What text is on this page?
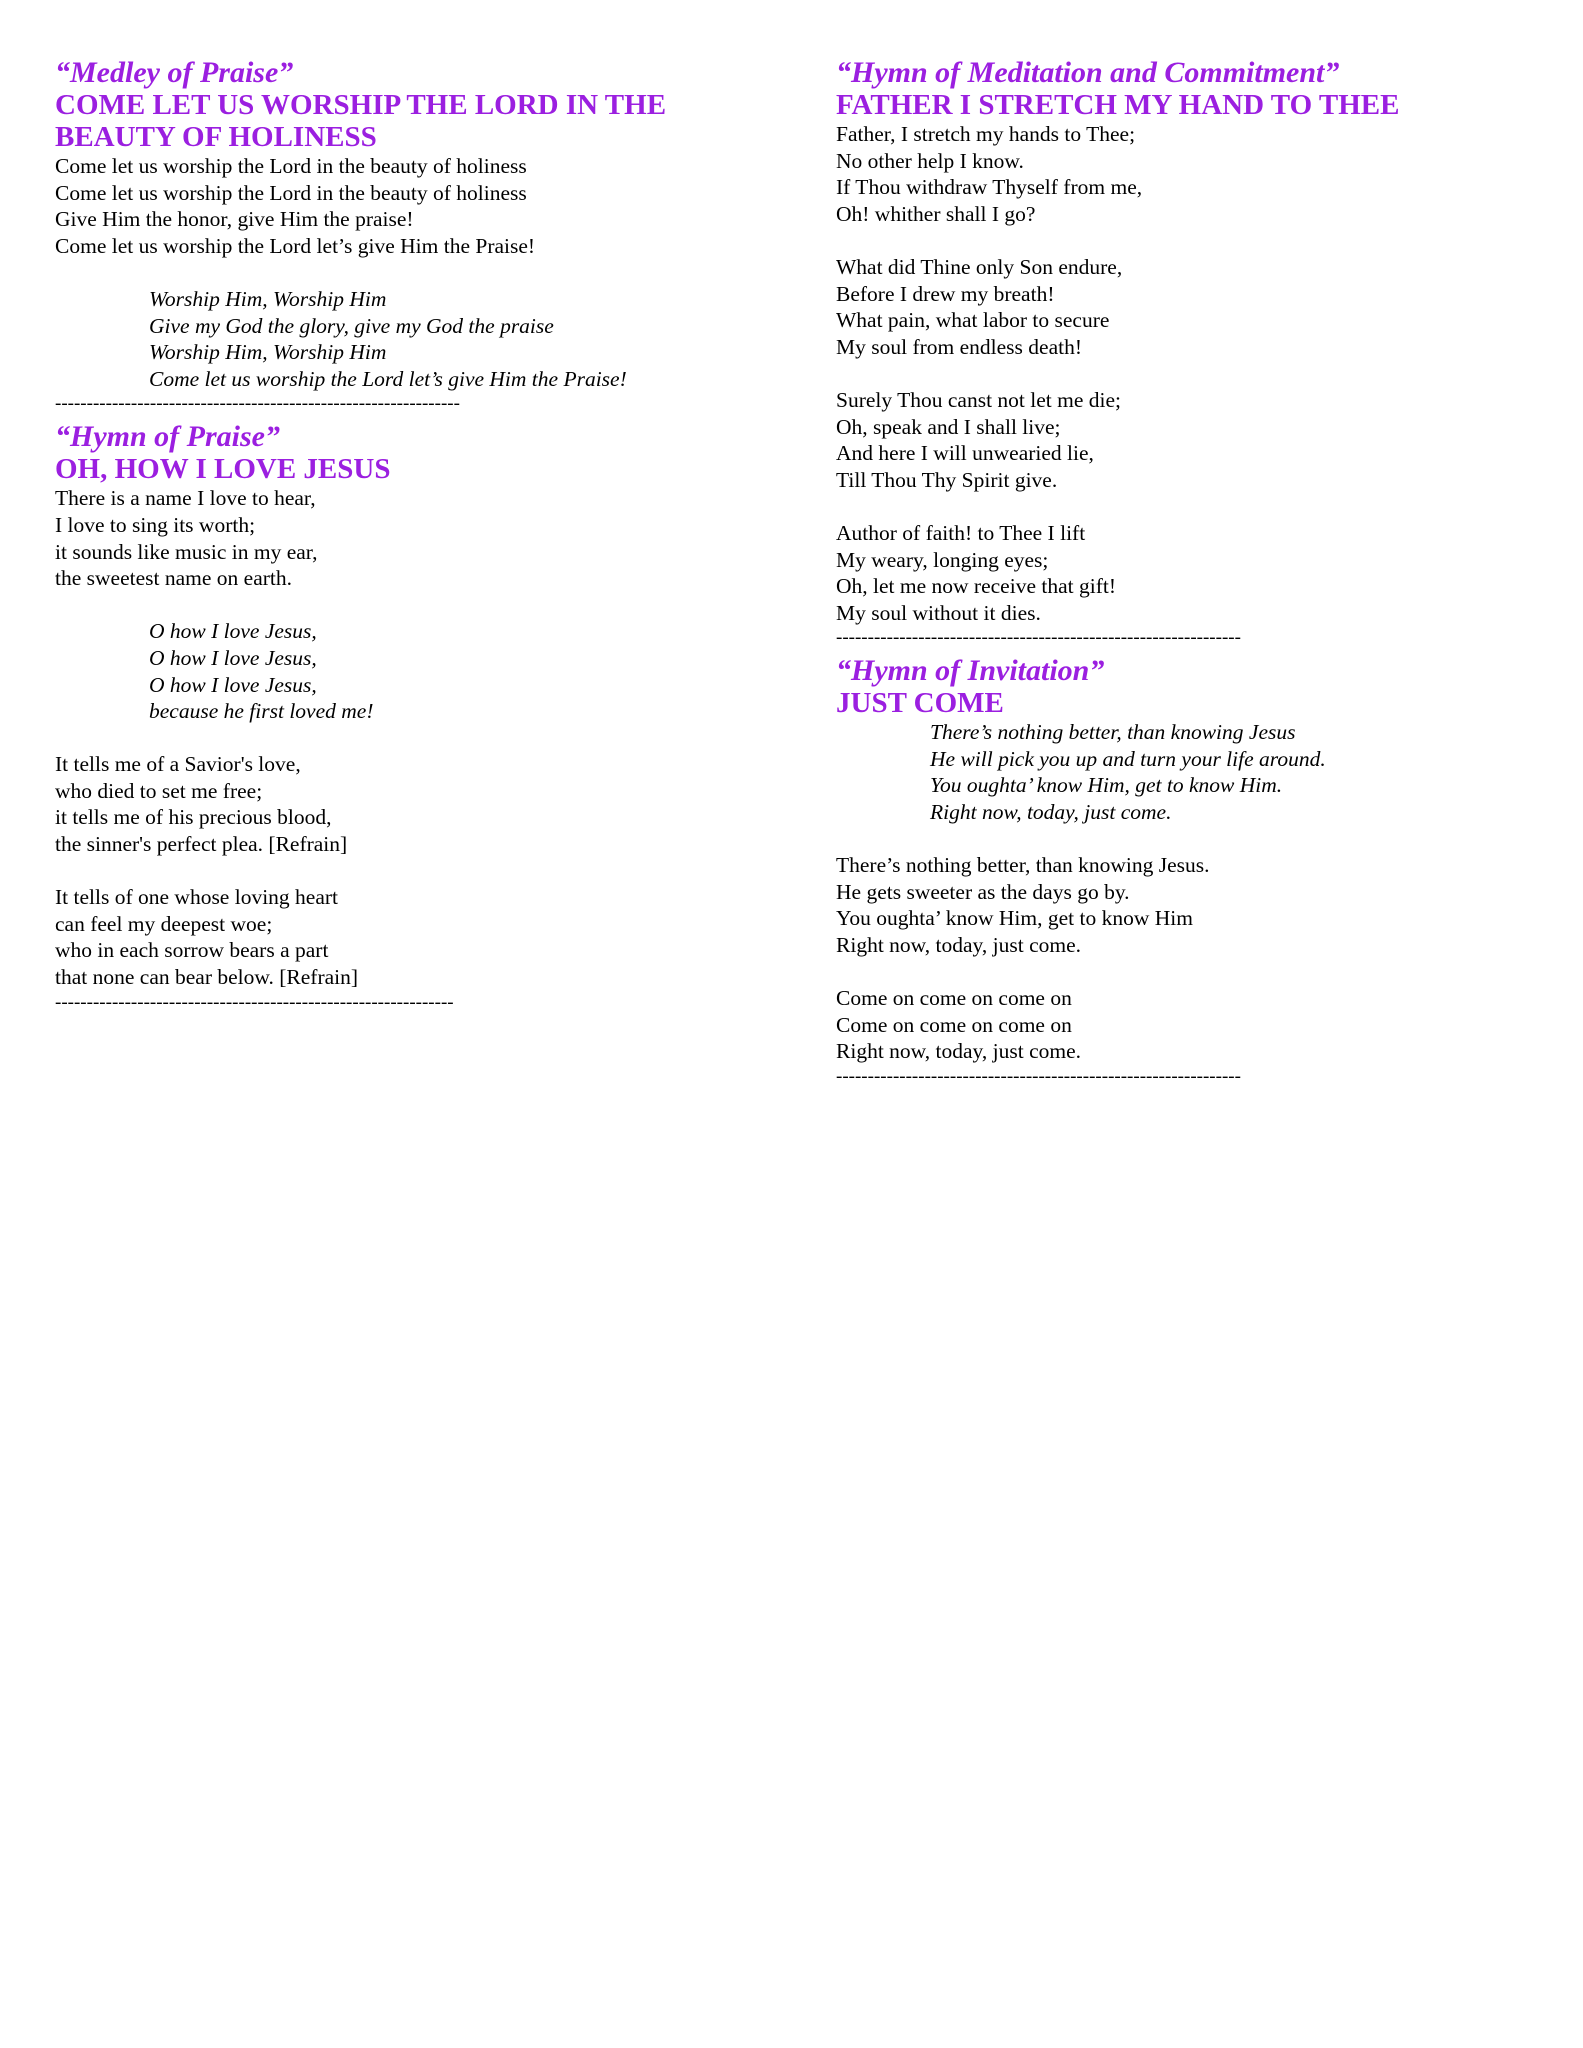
“Medley of Praise”

COME LET US WORSHIP THE LORD IN THE

BEAUTY OF HOLINESS

Come let us worship the Lord in the beauty of holiness

Come let us worship the Lord in the beauty of holiness

Give Him the honor, give Him the praise!

Come let us worship the Lord let’s give Him the Praise!

Worship Him, Worship Him

Give my God the glory, give my God the praise

Worship Him, Worship Him

Come let us worship the Lord let’s give Him the Praise!

----------------------------------------------------------------

“Hymn of Praise”

OH, HOW I LOVE JESUS

There is a name I love to hear,

I love to sing its worth;

it sounds like music in my ear,

the sweetest name on earth.

O how I love Jesus,

O how I love Jesus,

O how I love Jesus,

because he first loved me!

It tells me of a Savior's love,

who died to set me free;

it tells me of his precious blood,

the sinner's perfect plea. [Refrain]

It tells of one whose loving heart

can feel my deepest woe;

who in each sorrow bears a part

that none can bear below. [Refrain]

---------------------------------------------------------------

“Hymn of Meditation and Commitment”

FATHER I STRETCH MY HAND TO THEE

Father, I stretch my hands to Thee;

No other help I know.

If Thou withdraw Thyself from me,

Oh! whither shall I go?

What did Thine only Son endure,

Before I drew my breath!

What pain, what labor to secure

My soul from endless death!

Surely Thou canst not let me die;

Oh, speak and I shall live;

And here I will unwearied lie,

Till Thou Thy Spirit give.

Author of faith! to Thee I lift

My weary, longing eyes;

Oh, let me now receive that gift!

My soul without it dies.

----------------------------------------------------------------

“Hymn of Invitation”

JUST COME

There’s nothing better, than knowing Jesus

He will pick you up and turn your life around.

You oughta’ know Him, get to know Him.

Right now, today, just come.

There’s nothing better, than knowing Jesus.

He gets sweeter as the days go by.

You oughta’ know Him, get to know Him

Right now, today, just come.

Come on come on come on

Come on come on come on

Right now, today, just come.

----------------------------------------------------------------
